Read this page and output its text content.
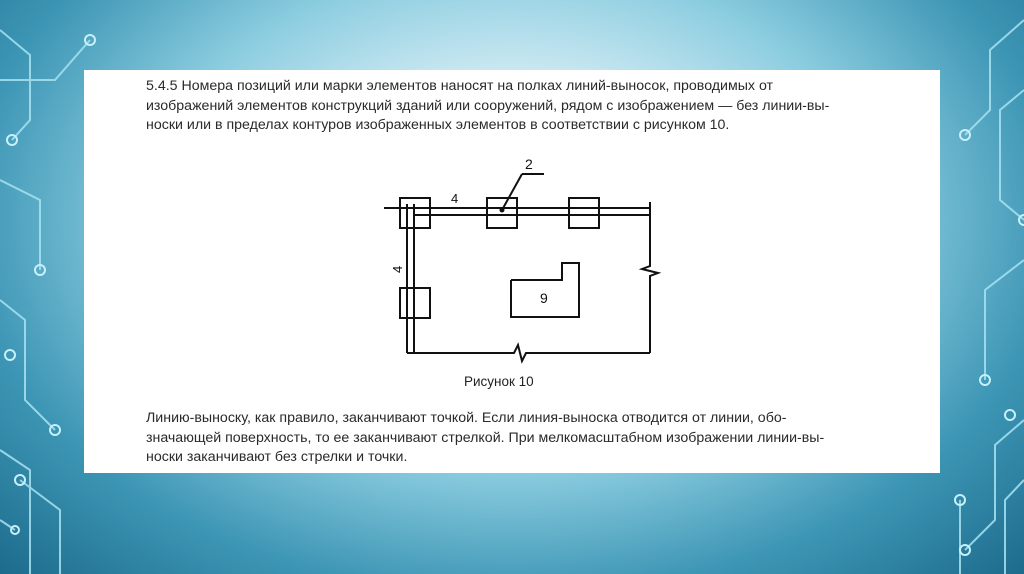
5.4.5 Номера позиций или марки элементов наносят на полках линий-выносок, проводимых от
изображений элементов конструкций зданий или сооружений, рядом с изображением — без линии-вы-
носки или в пределах контуров изображенных элементов в соответствии с рисунком 10.

4
4
2
9
Рисунок 10

Линию-выноску, как правило, заканчивают точкой. Если линия-выноска отводится от линии, обо-
значающей поверхность, то ее заканчивают стрелкой. При мелкомасштабном изображении линии-вы-
носки заканчивают без стрелки и точки.
